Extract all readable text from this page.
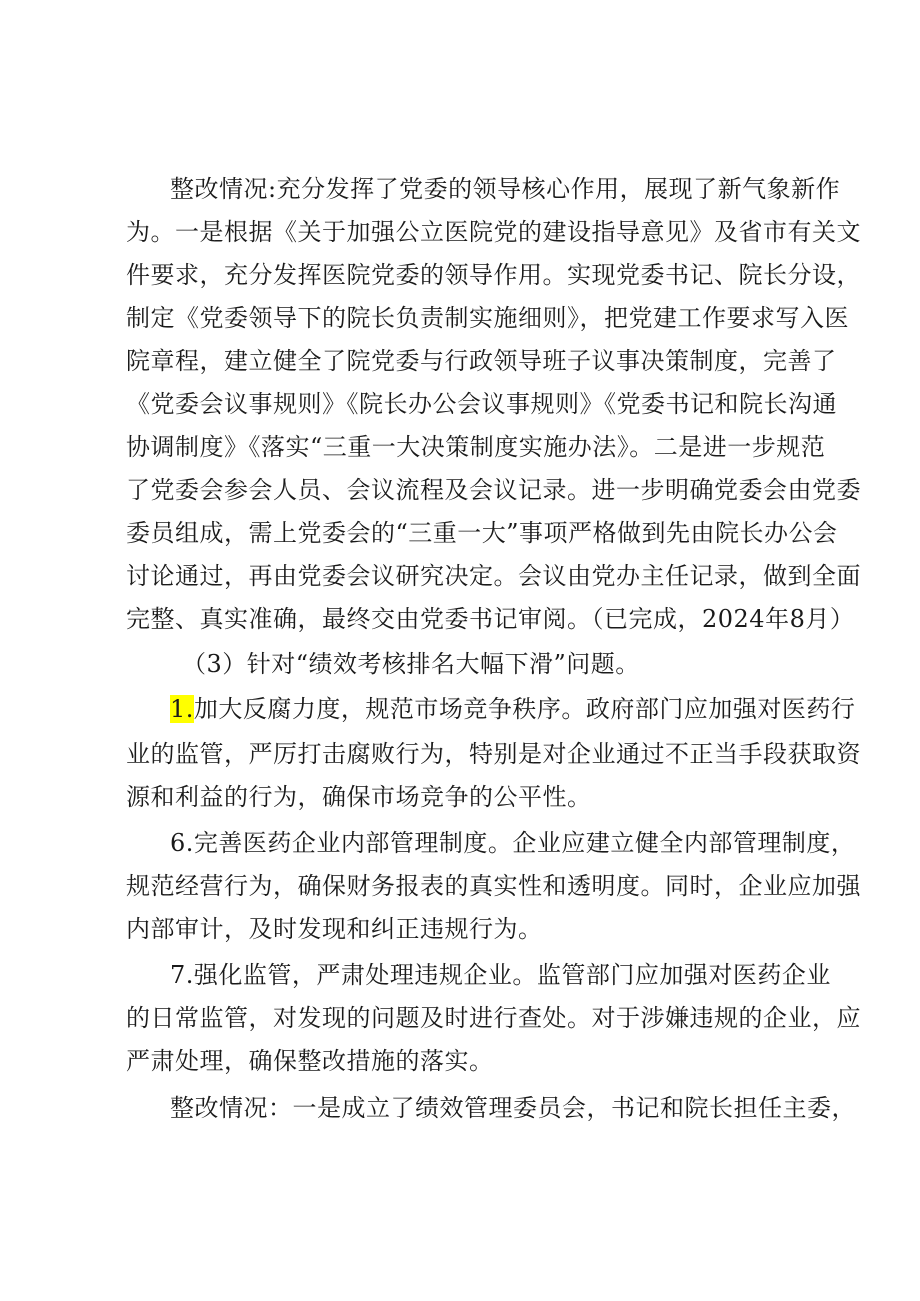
整改情况:充分发挥了党委的领导核心作用，展现了新气象新作
为。一是根据《关于加强公立医院党的建设指导意见》及省市有关文
件要求，充分发挥医院党委的领导作用。实现党委书记、院长分设，
制定《党委领导下的院长负责制实施细则》，把党建工作要求写入医
院章程，建立健全了院党委与行政领导班子议事决策制度，完善了
《党委会议事规则》《院长办公会议事规则》《党委书记和院长沟通
协调制度》《落实“三重一大决策制度实施办法》。二是进一步规范
了党委会参会人员、会议流程及会议记录。进一步明确党委会由党委
委员组成，需上党委会的“三重一大”事项严格做到先由院长办公会
讨论通过，再由党委会议研究决定。会议由党办主任记录，做到全面
完整、真实准确，最终交由党委书记审阅。（已完成，2024年8月）
（3）针对“绩效考核排名大幅下滑”问题。
1.加大反腐力度，规范市场竞争秩序。政府部门应加强对医药行
业的监管，严厉打击腐败行为，特别是对企业通过不正当手段获取资
源和利益的行为，确保市场竞争的公平性。
6.完善医药企业内部管理制度。企业应建立健全内部管理制度，
规范经营行为，确保财务报表的真实性和透明度。同时，企业应加强
内部审计，及时发现和纠正违规行为。
7.强化监管，严肃处理违规企业。监管部门应加强对医药企业
的日常监管，对发现的问题及时进行查处。对于涉嫌违规的企业，应
严肃处理，确保整改措施的落实。
整改情况：一是成立了绩效管理委员会，书记和院长担任主委，
